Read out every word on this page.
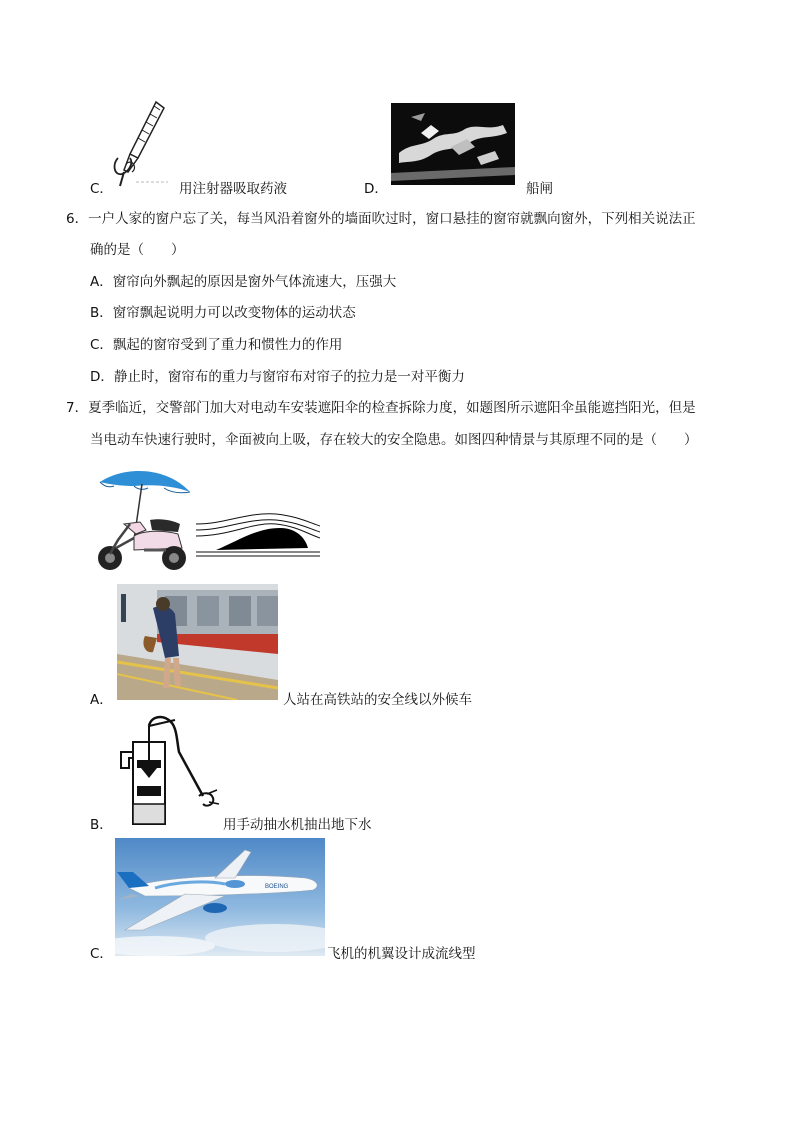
C．	用注射器吸取药液	D．	船闸
6．一户人家的窗户忘了关，每当风沿着窗外的墙面吹过时，窗口悬挂的窗帘就飘向窗外，下列相关说法正
确的是（　　）
A．窗帘向外飘起的原因是窗外气体流速大，压强大
B．窗帘飘起说明力可以改变物体的运动状态
C．飘起的窗帘受到了重力和惯性力的作用
D．静止时，窗帘布的重力与窗帘布对帘子的拉力是一对平衡力
7．夏季临近，交警部门加大对电动车安装遮阳伞的检查拆除力度，如题图所示遮阳伞虽能遮挡阳光，但是
当电动车快速行驶时，伞面被向上吸，存在较大的安全隐患。如图四种情景与其原理不同的是（　　）
A．	人站在高铁站的安全线以外候车
B．	用手动抽水机抽出地下水
BOEING
C．	飞机的机翼设计成流线型
